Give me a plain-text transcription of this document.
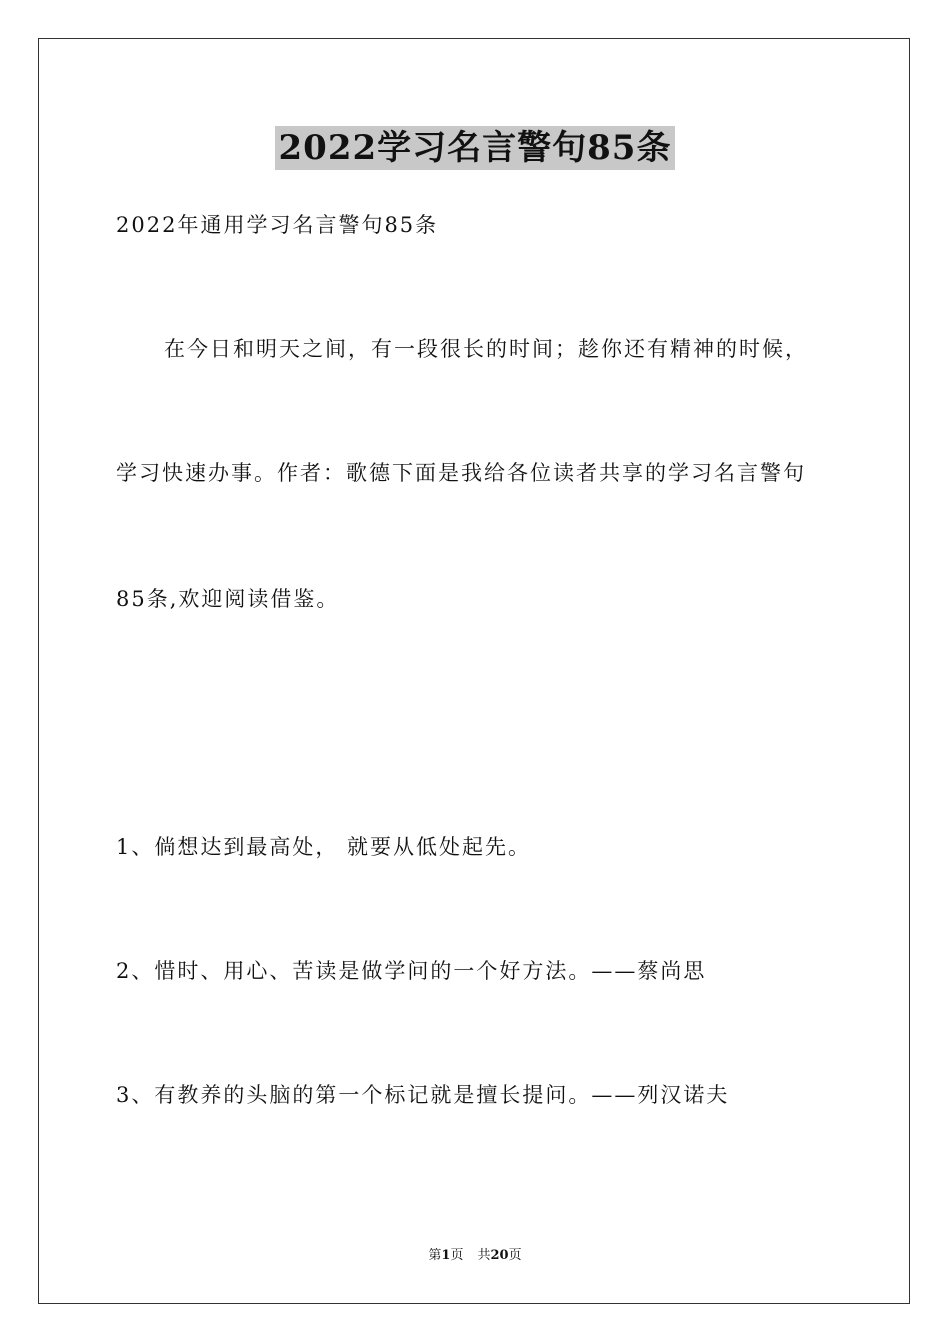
2022学习名言警句85条
2022年通用学习名言警句85条
在今日和明天之间，有一段很长的时间；趁你还有精神的时候，
学习快速办事。作者：歌德下面是我给各位读者共享的学习名言警句
85条,欢迎阅读借鉴。
1、倘想达到最高处， 就要从低处起先。
2、惜时、用心、苦读是做学问的一个好方法。——蔡尚思
3、有教养的头脑的第一个标记就是擅长提问。——列汉诺夫
第1页 共20页
